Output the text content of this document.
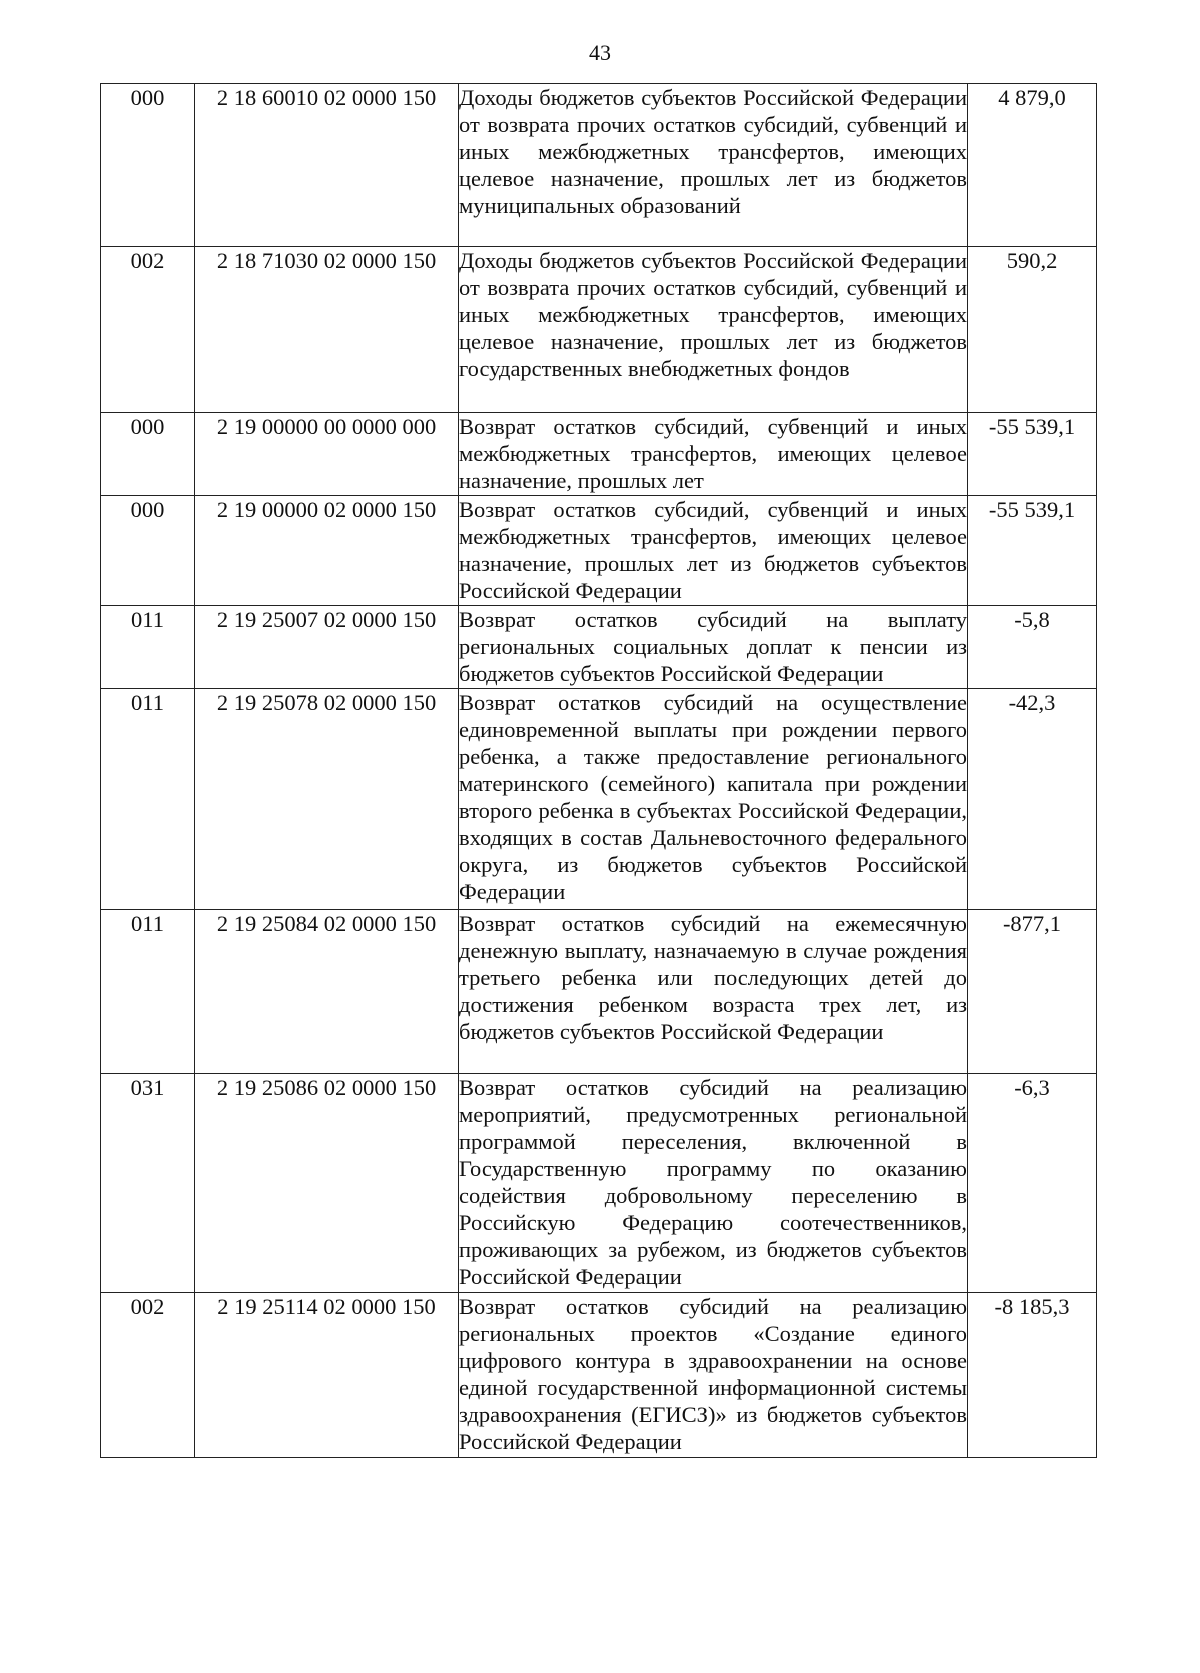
43
000	2 18 60010 02 0000 150	Доходы бюджетов субъектов Российской Федерации от возврата прочих остатков субсидий, субвенций и иных межбюджетных трансфертов, имеющих целевое назначение, прошлых лет из бюджетов муниципальных образований	4 879,0
002	2 18 71030 02 0000 150	Доходы бюджетов субъектов Российской Федерации от возврата прочих остатков субсидий, субвенций и иных межбюджетных трансфертов, имеющих целевое назначение, прошлых лет из бюджетов государственных внебюджетных фондов	590,2
000	2 19 00000 00 0000 000	Возврат остатков субсидий, субвенций и иных межбюджетных трансфертов, имеющих целевое назначение, прошлых лет	-55 539,1
000	2 19 00000 02 0000 150	Возврат остатков субсидий, субвенций и иных межбюджетных трансфертов, имеющих целевое назначение, прошлых лет из бюджетов субъектов Российской Федерации	-55 539,1
011	2 19 25007 02 0000 150	Возврат остатков субсидий на выплату региональных социальных доплат к пенсии из бюджетов субъектов Российской Федерации	-5,8
011	2 19 25078 02 0000 150	Возврат остатков субсидий на осуществление единовременной выплаты при рождении первого ребенка, а также предоставление регионального материнского (семейного) капитала при рождении второго ребенка в субъектах Российской Федерации, входящих в состав Дальневосточного федерального округа, из бюджетов субъектов Российской Федерации	-42,3
011	2 19 25084 02 0000 150	Возврат остатков субсидий на ежемесячную денежную выплату, назначаемую в случае рождения третьего ребенка или последующих детей до достижения ребенком возраста трех лет, из бюджетов субъектов Российской Федерации	-877,1
031	2 19 25086 02 0000 150	Возврат остатков субсидий на реализацию мероприятий, предусмотренных региональной программой переселения, включенной в Государственную программу по оказанию содействия добровольному переселению в Российскую Федерацию соотечественников, проживающих за рубежом, из бюджетов субъектов Российской Федерации	-6,3
002	2 19 25114 02 0000 150	Возврат остатков субсидий на реализацию региональных проектов «Создание единого цифрового контура в здравоохранении на основе единой государственной информационной системы здравоохранения (ЕГИСЗ)» из бюджетов субъектов Российской Федерации	-8 185,3
